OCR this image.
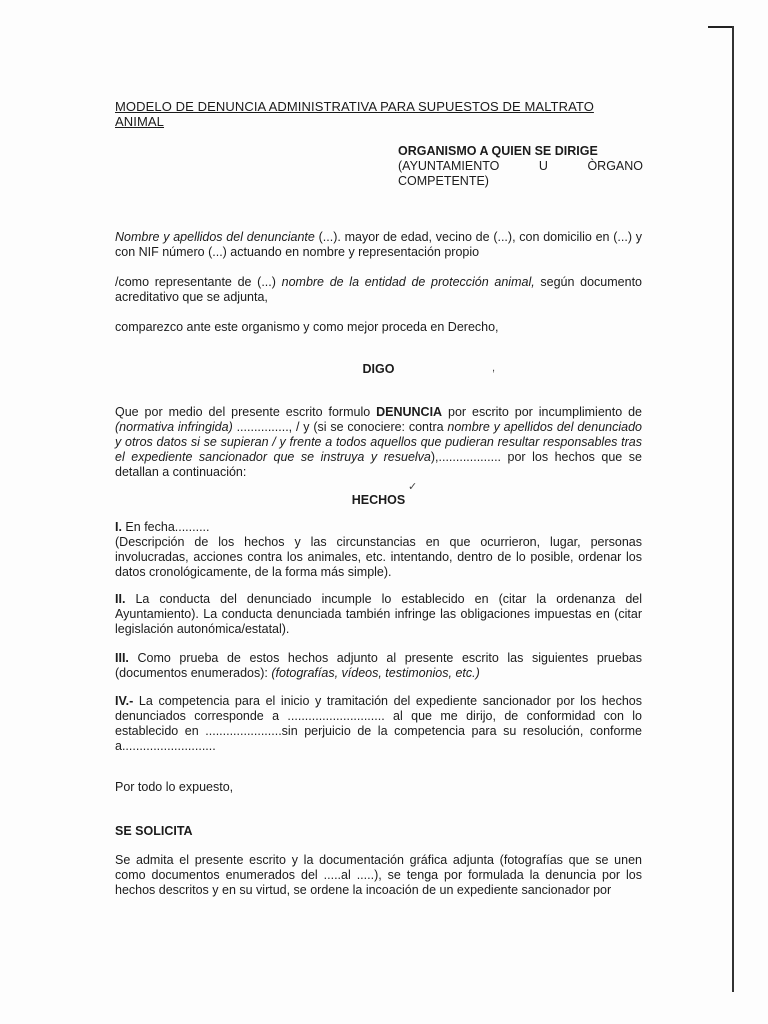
MODELO DE DENUNCIA ADMINISTRATIVA PARA SUPUESTOS DE MALTRATO ANIMAL
ORGANISMO A QUIEN SE DIRIGE
(AYUNTAMIENTO	U	ÒRGANO
COMPETENTE)
Nombre y apellidos del denunciante (...). mayor de edad, vecino de (...), con domicilio en (...) y con NIF número (...) actuando en nombre y representación propio
/como representante de (...) nombre de la entidad de protección animal, según documento acreditativo que se adjunta,
comparezco ante este organismo y como mejor proceda en Derecho,
DIGO
Que por medio del presente escrito formulo DENUNCIA por escrito por incumplimiento de (normativa infringida) ..............., / y (si se conociere: contra nombre y apellidos del denunciado y otros datos si se supieran / y frente a todos aquellos que pudieran resultar responsables tras el expediente sancionador que se instruya y resuelva),.................. por los hechos que se detallan a continuación:
HECHOS
I. En fecha..........
(Descripción de los hechos y las circunstancias en que ocurrieron, lugar, personas involucradas, acciones contra los animales, etc. intentando, dentro de lo posible, ordenar los datos cronológicamente, de la forma más simple).
II. La conducta del denunciado incumple lo establecido en (citar la ordenanza del Ayuntamiento). La conducta denunciada también infringe las obligaciones impuestas en (citar legislación autonómica/estatal).
III. Como prueba de estos hechos adjunto al presente escrito las siguientes pruebas (documentos enumerados): (fotografías, vídeos, testimonios, etc.)
IV.- La competencia para el inicio y tramitación del expediente sancionador por los hechos denunciados corresponde a ............................ al que me dirijo, de conformidad con lo establecido en ......................sin perjuicio de la competencia para su resolución, conforme a...........................
Por todo lo expuesto,
SE SOLICITA
Se admita el presente escrito y la documentación gráfica adjunta (fotografías que se unen como documentos enumerados del .....al .....), se tenga por formulada la denuncia por los hechos descritos y en su virtud, se ordene la incoación de un expediente sancionador por
,
✓
